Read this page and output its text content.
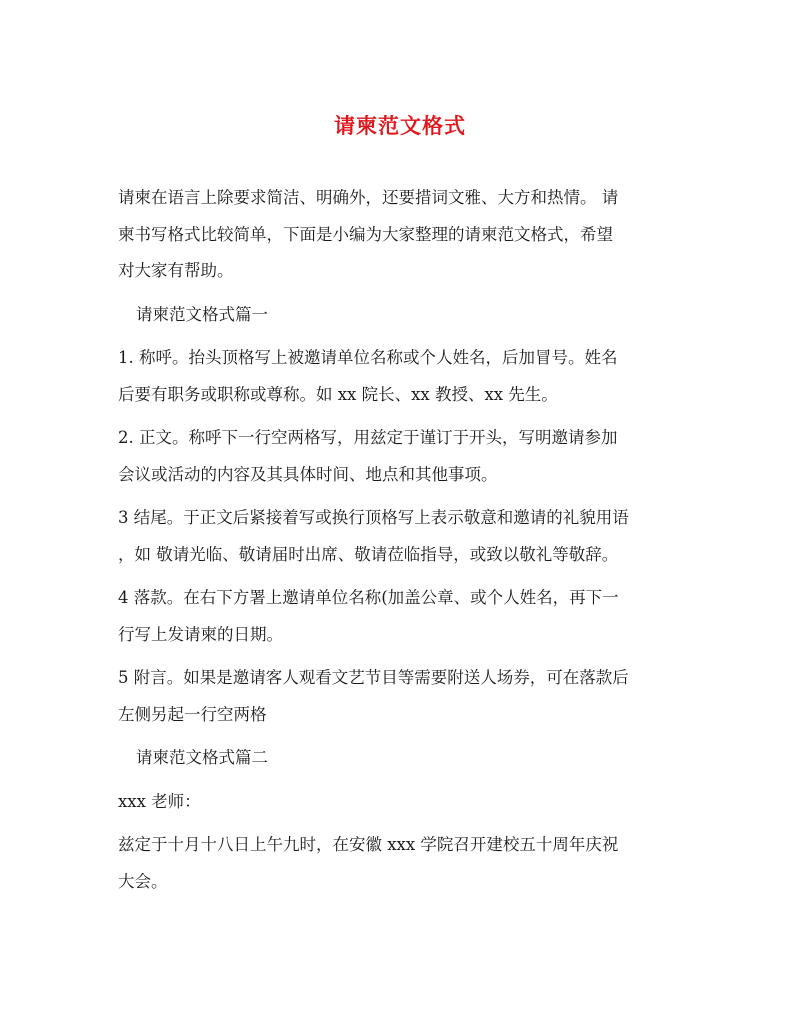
请柬范文格式
请柬在语言上除要求简洁、明确外，还要措词文雅、大方和热情。 请
柬书写格式比较简单，下面是小编为大家整理的请柬范文格式，希望
对大家有帮助。
请柬范文格式篇一
1. 称呼。抬头顶格写上被邀请单位名称或个人姓名，后加冒号。姓名
后要有职务或职称或尊称。如 xx 院长、xx 教授、xx 先生。
2. 正文。称呼下一行空两格写，用兹定于谨订于开头，写明邀请参加
会议或活动的内容及其具体时间、地点和其他事项。
3 结尾。于正文后紧接着写或换行顶格写上表示敬意和邀请的礼貌用语
，如 敬请光临、敬请届时出席、敬请莅临指导，或致以敬礼等敬辞。
4 落款。在右下方署上邀请单位名称(加盖公章、或个人姓名，再下一
行写上发请柬的日期。
5 附言。如果是邀请客人观看文艺节目等需要附送人场券，可在落款后
左侧另起一行空两格
请柬范文格式篇二
xxx 老师：
兹定于十月十八日上午九时，在安徽 xxx 学院召开建校五十周年庆祝
大会。
